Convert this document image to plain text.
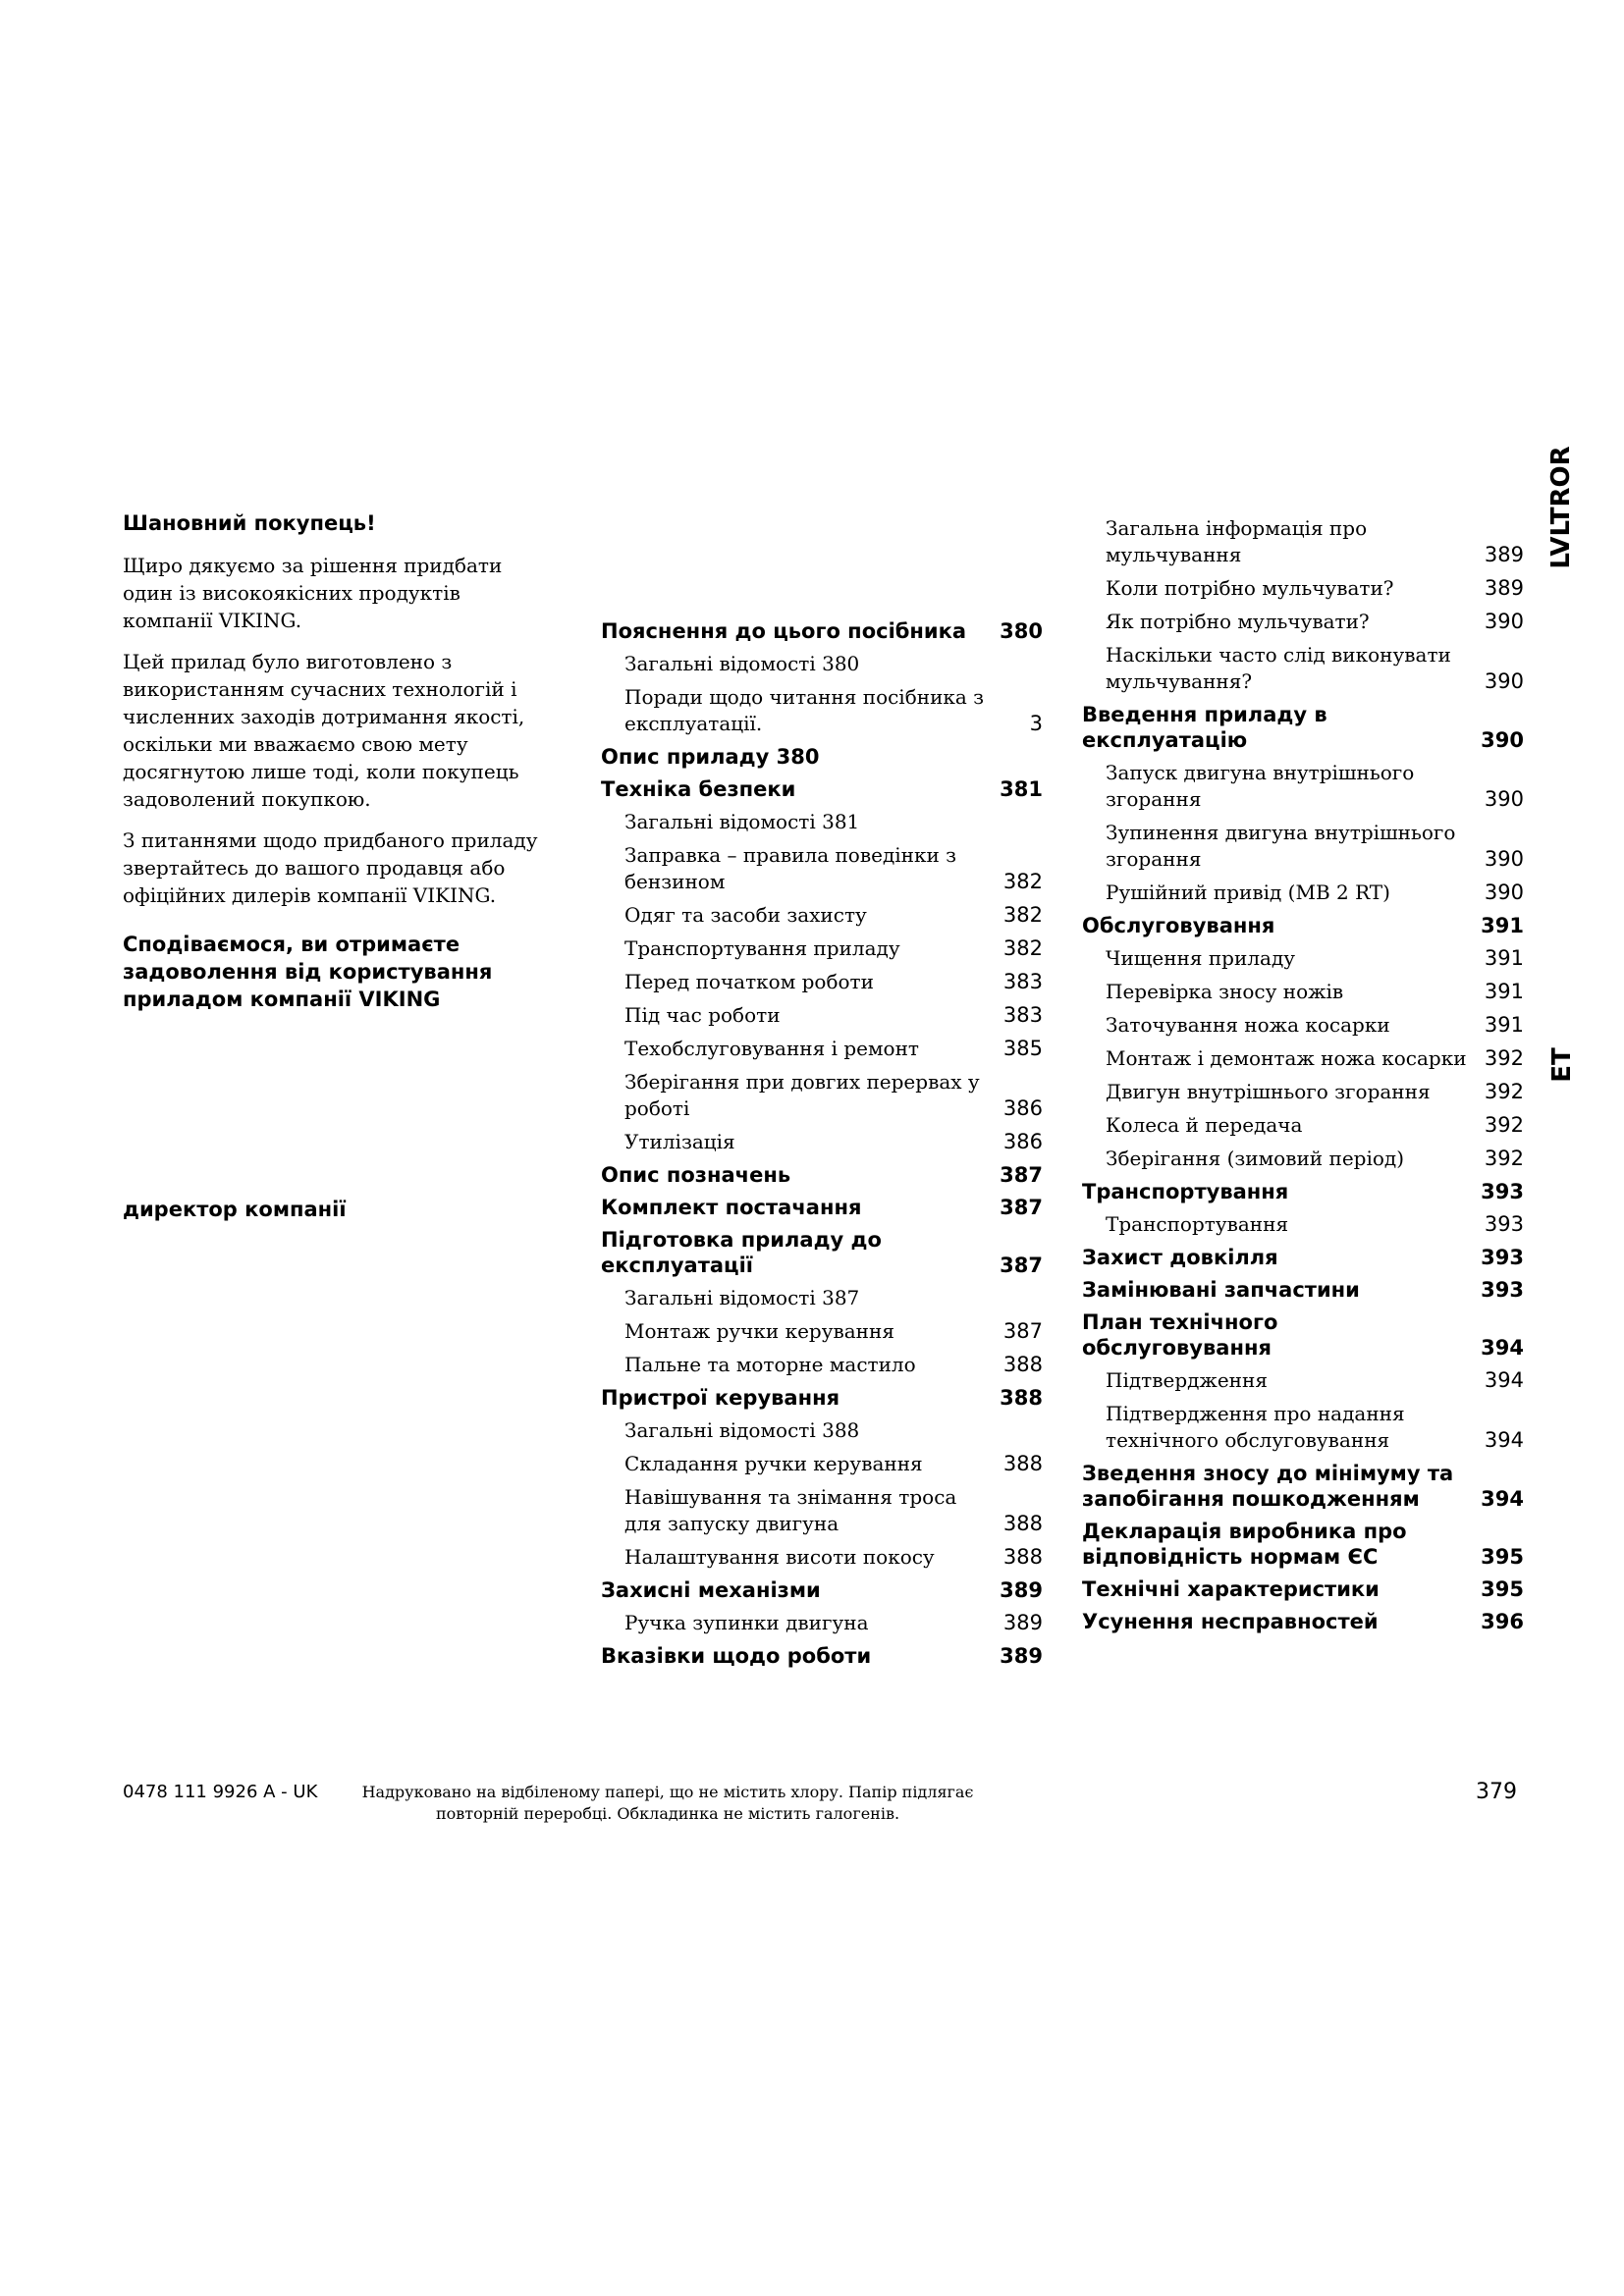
Шановний покупець!

Щиро дякуємо за рішення придбати один із високоякісних продуктів компанії VIKING.

Цей прилад було виготовлено з використанням сучасних технологій і численних заходів дотримання якості, оскільки ми вважаємо свою мету досягнутою лише тоді, коли покупець задоволений покупкою.

З питаннями щодо придбаного приладу звертайтесь до вашого продавця або офіційних дилерів компанії VIKING.

Сподіваємося, ви отримаєте задоволення від користування приладом компанії VIKING
директор компанії
Пояснення до цього посібника	380
Загальні відомості 380
Поради щодо читання посібника з експлуатації.	3
Опис приладу 380
Техніка безпеки	381
Загальні відомості 381
Заправка – правила поведінки з бензином	382
Одяг та засоби захисту	382
Транспортування приладу	382
Перед початком роботи	383
Під час роботи	383
Техобслуговування і ремонт	385
Зберігання при довгих перервах у роботі	386
Утилізація	386
Опис позначень	387
Комплект постачання	387
Підготовка приладу до експлуатації	387
Загальні відомості 387
Монтаж ручки керування	387
Пальне та моторне мастило	388
Пристрої керування	388
Загальні відомості 388
Складання ручки керування	388
Навішування та знімання троса для запуску двигуна	388
Налаштування висоти покосу	388
Захисні механізми	389
Ручка зупинки двигуна	389
Вказівки щодо роботи	389
Загальна інформація про мульчування	389
Коли потрібно мульчувати?	389
Як потрібно мульчувати?	390
Наскільки часто слід виконувати мульчування?	390
Введення приладу в експлуатацію	390
Запуск двигуна внутрішнього згорання	390
Зупинення двигуна внутрішнього згорання	390
Рушійний привід (MB 2 RT)	390
Обслуговування	391
Чищення приладу	391
Перевірка зносу ножів	391
Заточування ножа косарки	391
Монтаж і демонтаж ножа косарки 392
Двигун внутрішнього згорання	392
Колеса й передача	392
Зберігання (зимовий період)	392
Транспортування	393
Транспортування	393
Захист довкілля	393
Замінювані запчастини	393
План технічного обслуговування	394
Підтвердження	394
Підтвердження про надання технічного обслуговування	394
Зведення зносу до мінімуму та запобігання пошкодженням	394
Декларація виробника про відповідність нормам ЄС	395
Технічні характеристики	395
Усунення несправностей	396
LVLTROR
ET
0478 111 9926 A - UK	Надруковано на відбіленому папері, що не містить хлору. Папір підлягає повторній переробці. Обкладинка не містить галогенів.
379
